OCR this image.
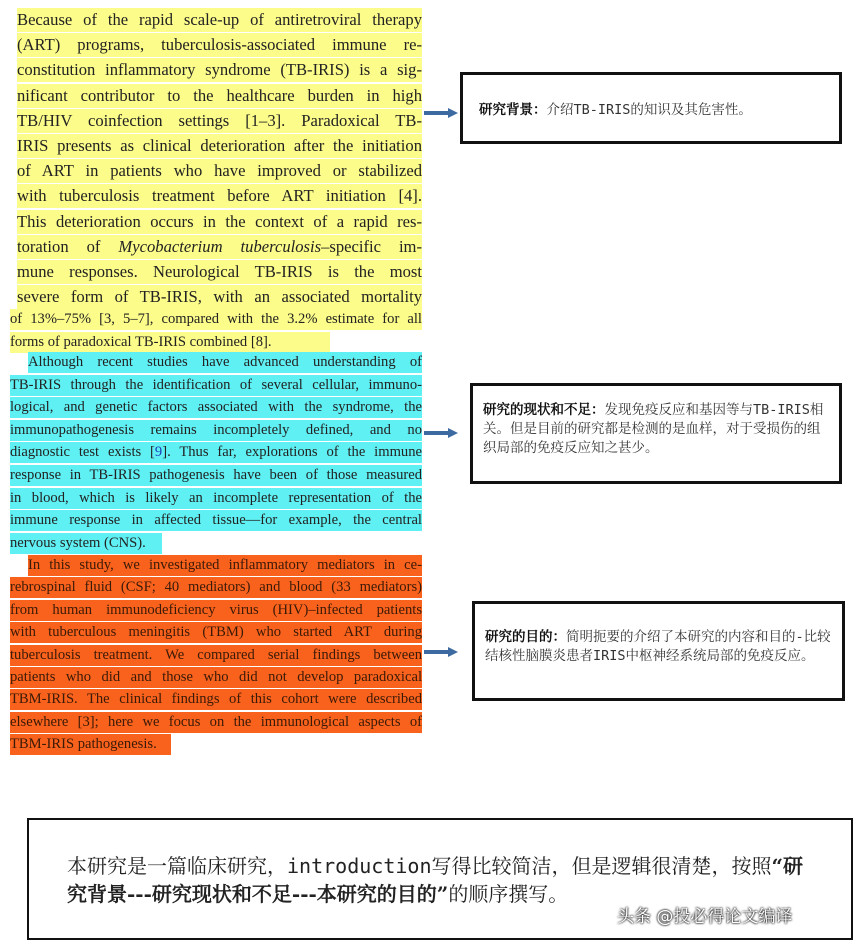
Because of the rapid scale-up of antiretroviral therapy
(ART) programs, tuberculosis-associated immune re-
constitution inflammatory syndrome (TB-IRIS) is a sig-
nificant contributor to the healthcare burden in high
TB/HIV coinfection settings [1–3]. Paradoxical TB-
IRIS presents as clinical deterioration after the initiation
of ART in patients who have improved or stabilized
with tuberculosis treatment before ART initiation [4].
This deterioration occurs in the context of a rapid res-
toration of Mycobacterium tuberculosis–specific im-
mune responses. Neurological TB-IRIS is the most
severe form of TB-IRIS, with an associated mortality
of 13%–75% [3, 5–7], compared with the 3.2% estimate for all
forms of paradoxical TB-IRIS combined [8].
Although recent studies have advanced understanding of
TB-IRIS through the identification of several cellular, immuno-
logical, and genetic factors associated with the syndrome, the
immunopathogenesis remains incompletely defined, and no
diagnostic test exists [9]. Thus far, explorations of the immune
response in TB-IRIS pathogenesis have been of those measured
in blood, which is likely an incomplete representation of the
immune response in affected tissue—for example, the central
nervous system (CNS).
In this study, we investigated inflammatory mediators in ce-
rebrospinal fluid (CSF; 40 mediators) and blood (33 mediators)
from human immunodeficiency virus (HIV)–infected patients
with tuberculous meningitis (TBM) who started ART during
tuberculosis treatment. We compared serial findings between
patients who did and those who did not develop paradoxical
TBM-IRIS. The clinical findings of this cohort were described
elsewhere [3]; here we focus on the immunological aspects of
TBM-IRIS pathogenesis.
研究背景：介绍TB-IRIS的知识及其危害性。
研究的现状和不足：发现免疫反应和基因等与TB-IRIS相关。但是目前的研究都是检测的是血样，对于受损伤的组织局部的免疫反应知之甚少。
研究的目的：简明扼要的介绍了本研究的内容和目的-比较结核性脑膜炎患者IRIS中枢神经系统局部的免疫反应。
本研究是一篇临床研究，introduction写得比较简洁，但是逻辑很清楚，按照“研究背景---研究现状和不足---本研究的目的”的顺序撰写。
头条 @投必得论文编译
